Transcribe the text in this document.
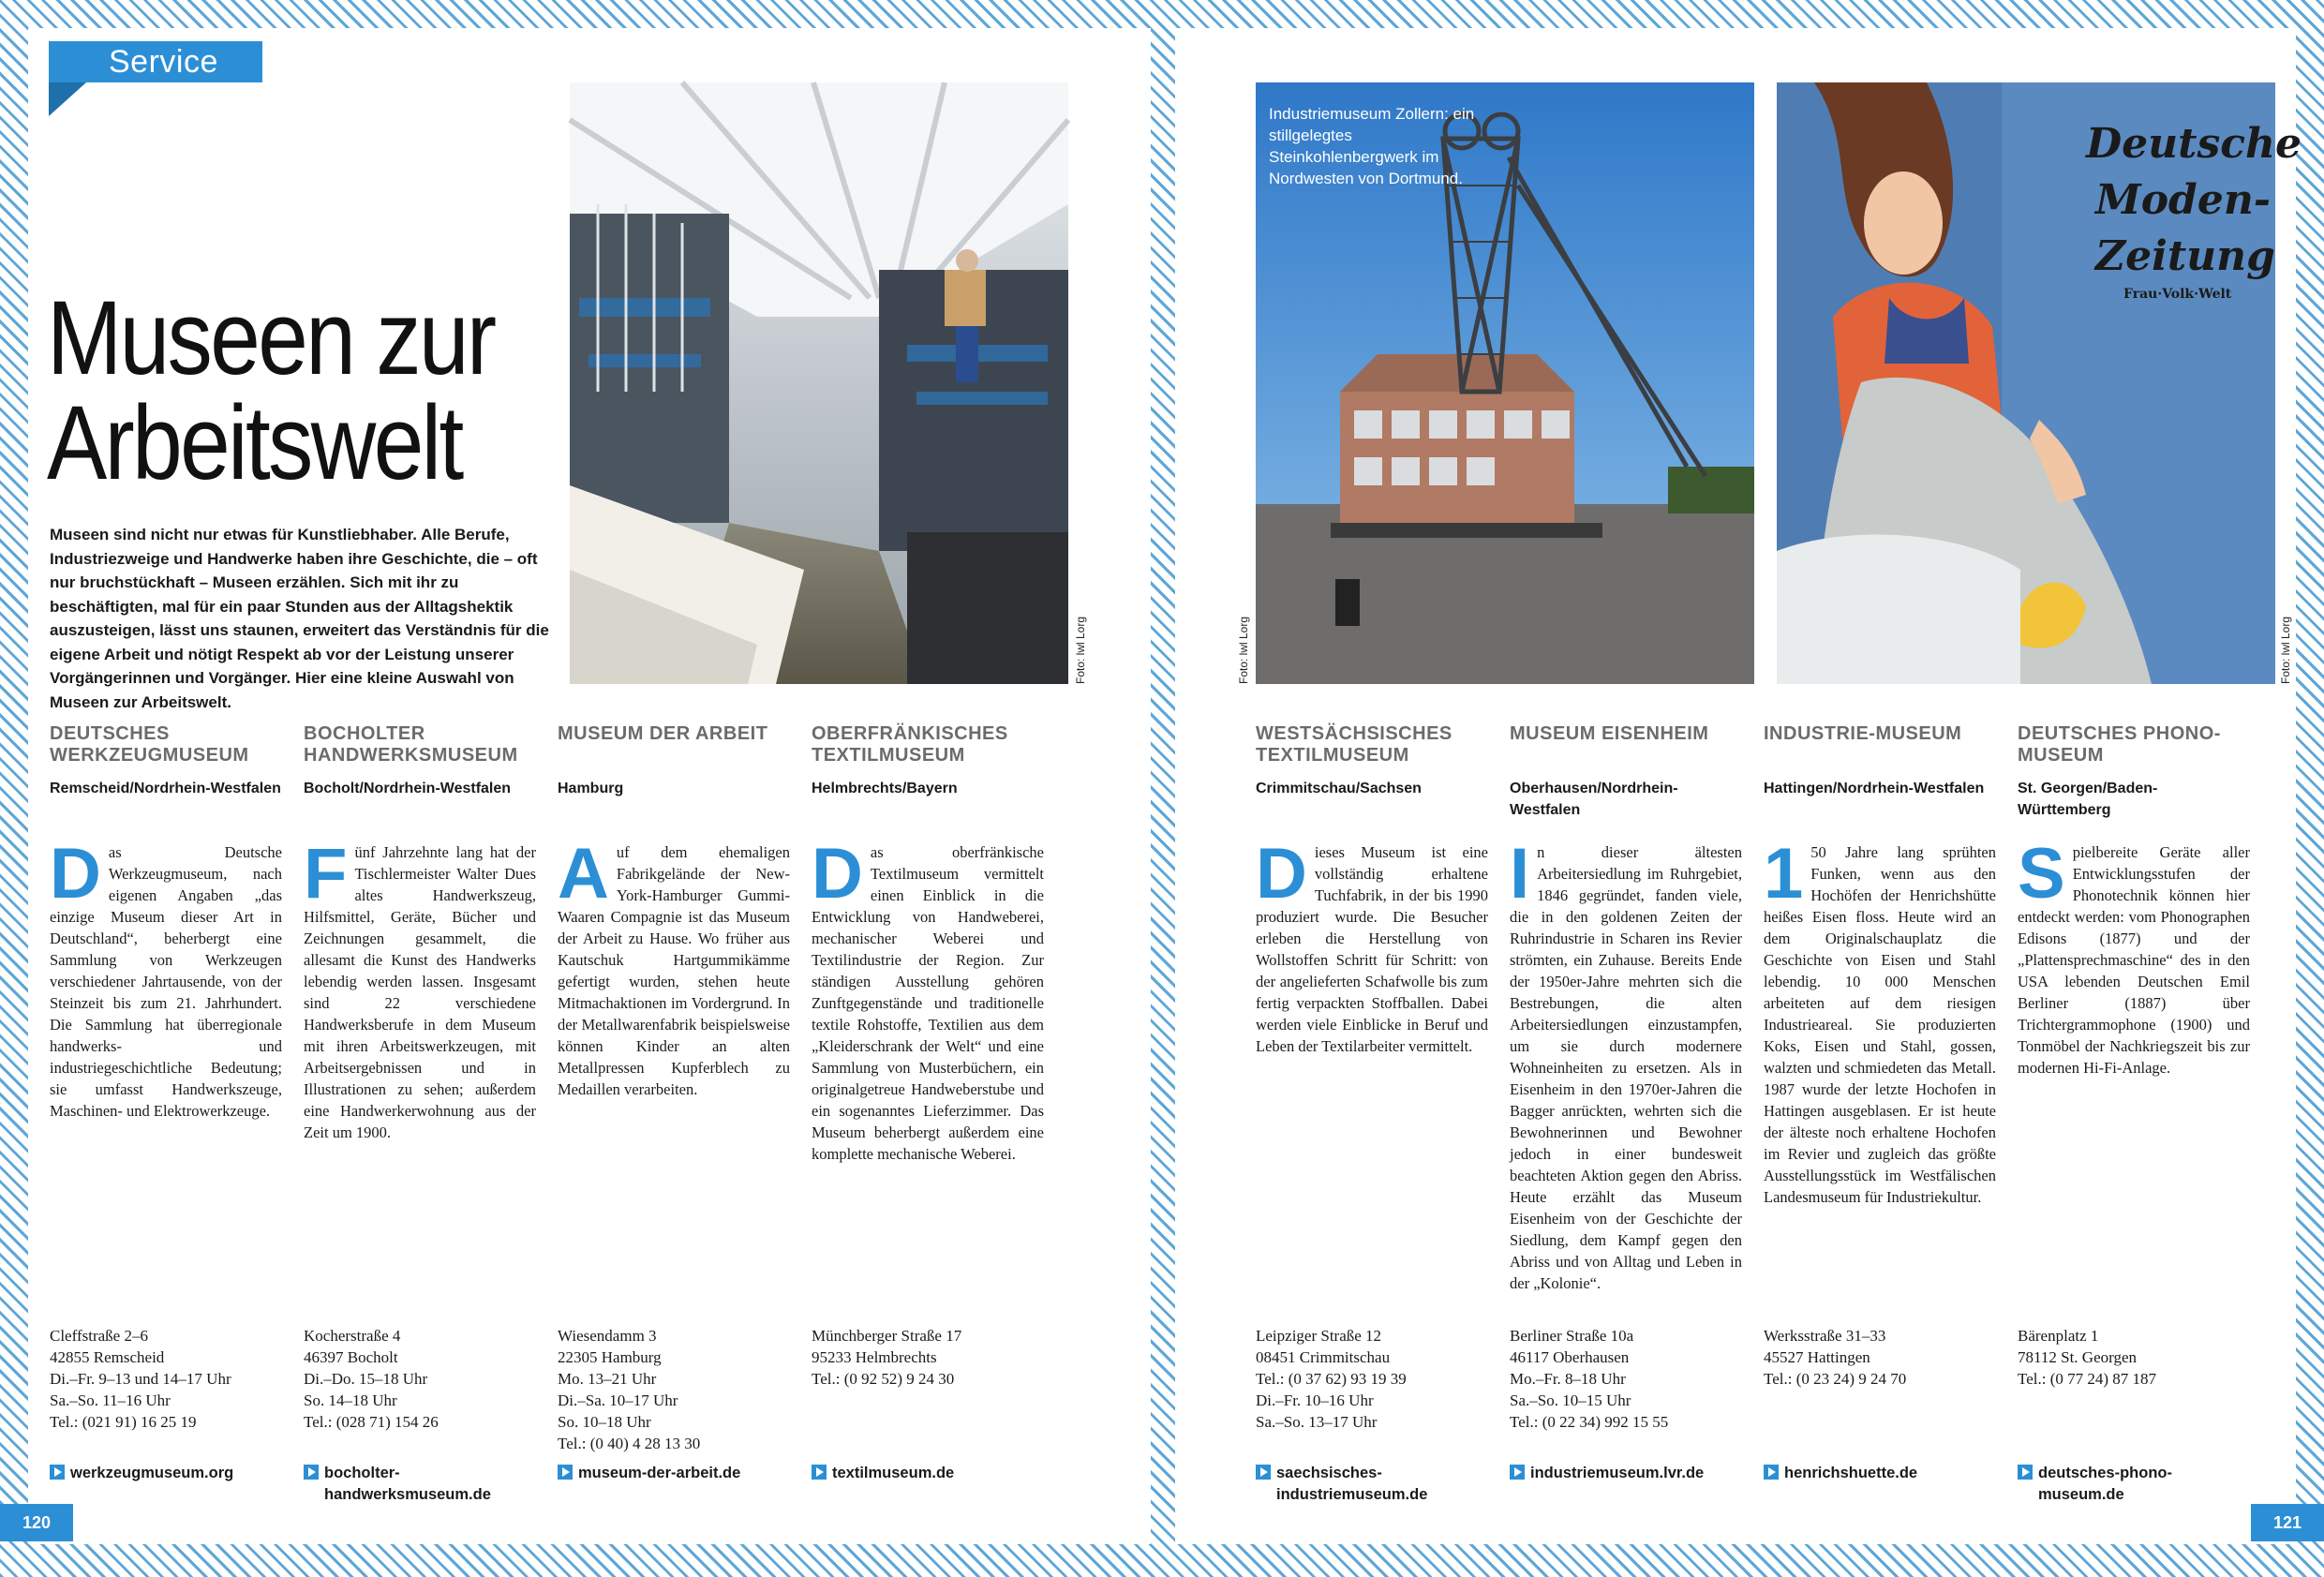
Service
Museen zur
Arbeitswelt

Museen sind nicht nur etwas für Kunstliebhaber. Alle Berufe, Industriezweige und Handwerke haben ihre Geschichte, die – oft nur bruchstückhaft – Museen erzählen. Sich mit ihr zu beschäftigten, mal für ein paar Stunden aus der Alltagshektik auszusteigen, lässt uns staunen, erweitert das Verständnis für die eigene Arbeit und nötigt Respekt ab vor der Leistung unserer Vorgängerinnen und Vorgänger. Hier eine kleine Auswahl von Museen zur Arbeitswelt.

Foto: lwl Lorg

Industriemuseum Zollern: ein stillgelegtes Steinkohlenbergwerk im Nordwesten von Dortmund.

Foto: lwl Lorg
Deutsche
Moden-
Zeitung
Frau·Volk·Welt
Foto: lwl Lorg
DEUTSCHES WERKZEUGMUSEUM

Remscheid/Nordrhein-Westfalen

Das Deutsche Werkzeugmuseum, nach eigenen Angaben „das einzige Museum dieser Art in Deutschland“, beherbergt eine Sammlung von Werkzeugen verschiedener Jahrtausende, von der Steinzeit bis zum 21. Jahrhundert. Die Sammlung hat überregionale handwerks- und industriegeschichtliche Bedeutung; sie umfasst Handwerkszeuge, Maschinen- und Elektrowerkzeuge.

BOCHOLTER HANDWERKSMUSEUM

Bocholt/Nordrhein-Westfalen

Fünf Jahrzehnte lang hat der Tischlermeister Walter Dues altes Handwerkszeug, Hilfsmittel, Geräte, Bücher und Zeichnungen gesammelt, die allesamt die Kunst des Handwerks lebendig werden lassen. Insgesamt sind 22 verschiedene Handwerksberufe in dem Museum mit ihren Arbeitswerkzeugen, mit Arbeitsergebnissen und in Illustrationen zu sehen; außerdem eine Handwerkerwohnung aus der Zeit um 1900.

MUSEUM DER ARBEIT

Hamburg

Auf dem ehemaligen Fabrikgelände der New-York-Hamburger Gummi-Waaren Compagnie ist das Museum der Arbeit zu Hause. Wo früher aus Kautschuk Hartgummikämme gefertigt wurden, stehen heute Mitmachaktionen im Vordergrund. In der Metallwarenfabrik beispielsweise können Kinder an alten Metallpressen Kupferblech zu Medaillen verarbeiten.

OBERFRÄNKISCHES TEXTILMUSEUM

Helmbrechts/Bayern

Das oberfränkische Textilmuseum vermittelt einen Einblick in die Entwicklung von Handweberei, mechanischer Weberei und Textilindustrie der Region. Zur ständigen Ausstellung gehören Zunftgegenstände und traditionelle textile Rohstoffe, Textilien aus dem „Kleiderschrank der Welt“ und eine Sammlung von Musterbüchern, ein originalgetreue Handweberstube und ein sogenanntes Lieferzimmer. Das Museum beherbergt außerdem eine komplette mechanische Weberei.

WESTSÄCHSISCHES TEXTILMUSEUM

Crimmitschau/Sachsen

Dieses Museum ist eine vollständig erhaltene Tuchfabrik, in der bis 1990 produziert wurde. Die Besucher erleben die Herstellung von Wollstoffen Schritt für Schritt: von der angelieferten Schafwolle bis zum fertig verpackten Stoffballen. Dabei werden viele Einblicke in Beruf und Leben der Textilarbeiter vermittelt.

MUSEUM EISENHEIM

Oberhausen/Nordrhein-Westfalen

In dieser ältesten Arbeitersiedlung im Ruhrgebiet, 1846 gegründet, fanden viele, die in den goldenen Zeiten der Ruhrindustrie in Scharen ins Revier strömten, ein Zuhause. Bereits Ende der 1950er-Jahre mehrten sich die Bestrebungen, die alten Arbeitersiedlungen einzustampfen, um sie durch modernere Wohneinheiten zu ersetzen. Als in Eisenheim in den 1970er-Jahren die Bagger anrückten, wehrten sich die Bewohnerinnen und Bewohner jedoch in einer bundesweit beachteten Aktion gegen den Abriss. Heute erzählt das Museum Eisenheim von der Geschichte der Siedlung, dem Kampf gegen den Abriss und von Alltag und Leben in der „Kolonie“.

INDUSTRIE-MUSEUM

Hattingen/Nordrhein-Westfalen

1 50 Jahre lang sprühten Funken, wenn aus den Hochöfen der Henrichshütte heißes Eisen floss. Heute wird an dem Originalschauplatz die Geschichte von Eisen und Stahl lebendig. 10 000 Menschen arbeiteten auf dem riesigen Industrieareal. Sie produzierten Koks, Eisen und Stahl, gossen, walzten und schmiedeten das Metall. 1987 wurde der letzte Hochofen in Hattingen ausgeblasen. Er ist heute der älteste noch erhaltene Hochofen im Revier und zugleich das größte Ausstellungsstück im Westfälischen Landesmuseum für Industriekultur.

DEUTSCHES PHONO-MUSEUM

St. Georgen/Baden-Württemberg

Spielbereite Geräte aller Entwicklungsstufen der Phonotechnik können hier entdeckt werden: vom Phonographen Edisons (1877) und der „Plattensprechmaschine“ des in den USA lebenden Deutschen Emil Berliner (1887) über Trichtergrammophone (1900) und Tonmöbel der Nachkriegszeit bis zur modernen Hi-Fi-Anlage.

Cleffstraße 2–6
42855 Remscheid
Di.–Fr. 9–13 und 14–17 Uhr
Sa.–So. 11–16 Uhr
Tel.: (021 91) 16 25 19

Kocherstraße 4
46397 Bocholt
Di.–Do. 15–18 Uhr
So. 14–18 Uhr
Tel.: (028 71) 154 26

Wiesendamm 3
22305 Hamburg
Mo. 13–21 Uhr
Di.–Sa. 10–17 Uhr
So. 10–18 Uhr
Tel.: (0 40) 4 28 13 30

Münchberger Straße 17
95233 Helmbrechts
Tel.: (0 92 52) 9 24 30

Leipziger Straße 12
08451 Crimmitschau
Tel.: (0 37 62) 93 19 39
Di.–Fr. 10–16 Uhr
Sa.–So. 13–17 Uhr

Berliner Straße 10a
46117 Oberhausen
Mo.–Fr. 8–18 Uhr
Sa.–So. 10–15 Uhr
Tel.: (0 22 34) 992 15 55

Werksstraße 31–33
45527 Hattingen
Tel.: (0 23 24) 9 24 70

Bärenplatz 1
78112 St. Georgen
Tel.: (0 77 24) 87 187

werkzeugmuseum.org	bocholter-handwerksmuseum.de
museum-der-arbeit.de	textilmuseum.de	saechsisches-industriemuseum.de
industriemuseum.lvr.de	henrichshuette.de	deutsches-phono-museum.de
120	121
